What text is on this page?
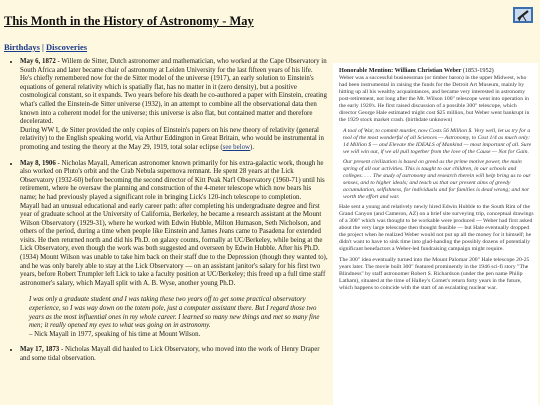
This Month in the History of Astronomy - May
Birthdays | Discoveries

• May 6, 1872 - Willem de Sitter, Dutch astronomer and mathematician, who worked at the Cape Observatory in South Africa and later became chair of astronomy at Leiden University for the last fifteen years of his life.

He's chiefly remembered now for the de Sitter model of the universe (1917), an early solution to Einstein's equations of general relativity which is spatially flat, has no matter in it (zero density), but a positive cosmological constant, so it expands. Two years before his death he co-authored a paper with Einstein, creating what's called the Einstein-de Sitter universe (1932), in an attempt to combine all the observational data then known into a coherent model for the universe; this universe is also flat, but contained matter and therefore decelerated.

During WW I, de Sitter provided the only copies of Einstein's papers on his new theory of relativity (general relativity) to the English speaking world, via Arthur Eddington in Great Britain, who would be instrumental in promoting and testing the theory at the May 29, 1919, total solar eclipse (see below).

• May 8, 1906 - Nicholas Mayall, American astronomer known primarily for his extra-galactic work, though he also worked on Pluto's orbit and the Crab Nebula supernova remnant. He spent 28 years at the Lick Observatory (1932-60) before becoming the second director of Kitt Peak Nat'l Observatory (1960-71) until his retirement, where he oversaw the planning and construction of the 4-meter telescope which now bears his name; he had previously played a significant role in bringing Lick's 120-inch telescope to completion.

Mayall had an unusual educational and early career path: after completing his undergraduate degree and first year of graduate school at the University of California, Berkeley, he became a research assistant at the Mount Wilson Observatory (1929-31), where he worked with Edwin Hubble, Milton Humason, Seth Nicholson, and others of the period, during a time when people like Einstein and James Jeans came to Pasadena for extended visits. He then returned north and did his Ph.D. on galaxy counts, formally at UC/Berkeley, while being at the Lick Observatory, even though the work was both suggested and overseen by Edwin Hubble. After his Ph.D. (1934) Mount Wilson was unable to take him back on their staff due to the Depression (though they wanted to), and he was only barely able to stay at the Lick Observatory — on an assistant janitor's salary for his first two years, before Robert Trumpler left Lick to take a faculty position at UC/Berkeley; this freed up a full time staff astronomer's salary, which Mayall split with A. B. Wyse, another young Ph.D.

I was only a graduate student and I was taking these two years off to get some practical observatory experience, so I was way down on the totem pole, just a computer assistant there. But I regard those two years as the most influential ones in my whole career. I learned so many new things and met so many fine men; it really opened my eyes to what was going on in astronomy.

– Nick Mayall in 1977, speaking of his time at Mount Wilson.

• May 17, 1873 - Nicholas Mayall did hauled to Lick Observatory, who moved into the work of Henry Draper and some tidal observation.

Honorable Mention: William Christian Weber (1853-1952)

Weber was a successful businessman (or timber baron) in the upper Midwest, who had been instrumental in raising the funds for the Detroit Art Museum, mainly by hitting up all his wealthy acquaintances, and became very interested in astronomy post-retirement, not long after the Mt. Wilson 100" telescope went into operation in the early 1920's. He first raised discussion of a possible 300" telescope, which director George Hale estimated might cost $25 million, but Weber went bankrupt in the 1929 stock market crash. (birthdate unknown)

A tool of War, to commit murder, now Costs 56 Million $. Very well, let us try for a tool of the most wonderful of all Sciences — Astronomy, to Cost 1/4 as much only: 14 Million $ — and Elevate the IDEALS of Mankind — most important of all. Sure we will win out, if we all pull together from the love of the Cause — Not for Gain.

Our present civilization is based on greed as the prime motive power, the main spring of all our activities. This is taught to our children, in our schools and colleges. . . . The study of astronomy and research therein will help bring us to our senses, and to higher ideals; and teach us that our present aims of greedy accumulation, selfishness, for individuals and for families is dead wrong; and not worth the effort and war.

Hale sent a young and relatively newly hired Edwin Hubble to the South Rim of the Grand Canyon (and Cameron, AZ) on a brief site surveying trip, conceptual drawings of a 300" which was thought to be workable were produced — Weber had first asked about the very large telescope then thought feasible — but Hale eventually dropped the project when he realized Weber would not put up all the money for it himself; he didn't want to have to sink time into glad-handing the possibly dozens of potentially significant benefactors a Weber-led fundraising campaign might require.

The 300" idea eventually turned into the Mount Palomar 200" Hale telescope 20-25 years later. The movie built 300" featured prominently in the 1946 sci-fi story "The Blindness" by staff astronomer Robert S. Richardson (under the pen name Philip Latham), situated at the time of Halley's Comet's return forty years in the future, which happens to coincide with the start of an escalating nuclear war.
